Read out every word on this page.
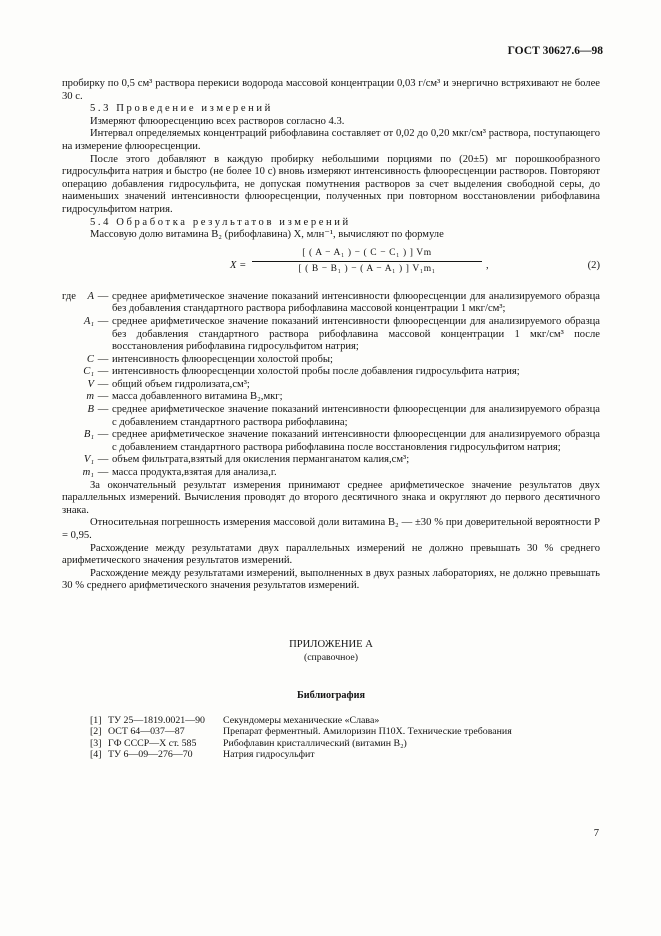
ГОСТ 30627.6—98

пробирку по 0,5 см³ раствора перекиси водорода массовой концентрации 0,03 г/см³ и энергично встряхивают не более 30 с.

5.3 Проведение измерений

Измеряют флюоресценцию всех растворов согласно 4.3.

Интервал определяемых концентраций рибофлавина составляет от 0,02 до 0,20 мкг/см³ раствора, поступающего на измерение флюоресценции.

После этого добавляют в каждую пробирку небольшими порциями по (20±5) мг порошкообразного гидросульфита натрия и быстро (не более 10 с) вновь измеряют интенсивность флюоресценции растворов. Повторяют операцию добавления гидросульфита, не допуская помутнения растворов за счет выделения свободной серы, до наименьших значений интенсивности флюоресценции, полученных при повторном восстановлении рибофлавина гидросульфитом натрия.

5.4 Обработка результатов измерений

Массовую долю витамина B₂ (рибофлавина) X, млн⁻¹, вычисляют по формуле

X =
[ ( A − A₁ ) − ( C − C₁ ) ] Vm
[ ( B − B₁ ) − ( A − A₁ ) ] V₁m₁	,	(2)
где	A — среднее арифметическое значение показаний интенсивности флюоресценции для анализируемого образца без добавления стандартного раствора рибофлавина массовой концентрации 1 мкг/см³;
A₁ — среднее арифметическое значение показаний интенсивности флюоресценции для анализируемого образца без добавления стандартного раствора рибофлавина массовой концентрации 1 мкг/см³ после восстановления рибофлавина гидросульфитом натрия;
C — интенсивность флюоресценции холостой пробы;
C₁ — интенсивность флюоресценции холостой пробы после добавления гидросульфита натрия;
V — общий объем гидролизата,см³;
m — масса добавленного витамина B₂,мкг;
B — среднее арифметическое значение показаний интенсивности флюоресценции для анализируемого образца с добавлением стандартного раствора рибофлавина;
B₁ — среднее арифметическое значение показаний интенсивности флюоресценции для анализируемого образца с добавлением стандартного раствора рибофлавина после восстановления гидросульфитом натрия;
V₁ — объем фильтрата,взятый для окисления перманганатом калия,см³;
m₁ — масса продукта,взятая для анализа,г.

За окончательный результат измерения принимают среднее арифметическое значение результатов двух параллельных измерений. Вычисления проводят до второго десятичного знака и округляют до первого десятичного знака.

Относительная погрешность измерения массовой доли витамина B₂ — ±30 % при доверительной вероятности P = 0,95.

Расхождение между результатами двух параллельных измерений не должно превышать 30 % среднего арифметического значения результатов измерений.

Расхождение между результатами измерений, выполненных в двух разных лабораториях, не должно превышать 30 % среднего арифметического значения результатов измерений.

ПРИЛОЖЕНИЕ А
(справочное)
Библиография
[1] ТУ 25—1819.0021—90	Секундомеры механические «Слава»
[2] ОСТ 64—037—87	Препарат ферментный. Амилоризин П10Х. Технические требования
[3] ГФ СССР—X ст. 585	Рибофлавин кристаллический (витамин B₂)
[4] ТУ 6—09—276—70	Натрия гидросульфит
7
